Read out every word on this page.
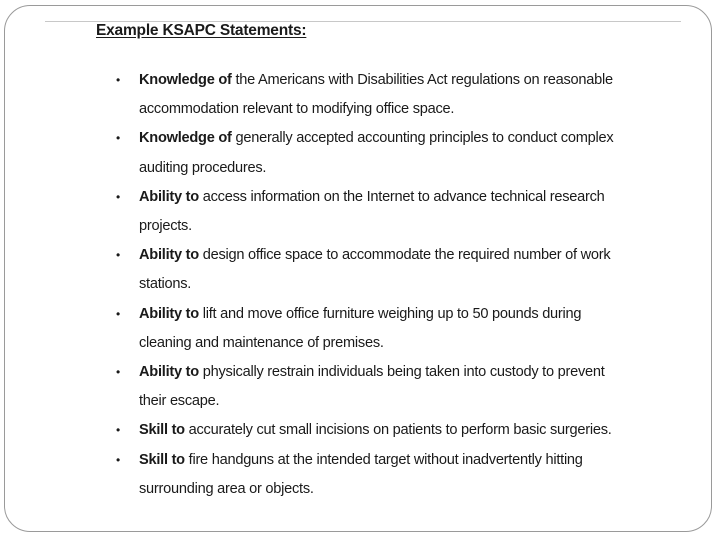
Example KSAPC Statements:
• Knowledge of the Americans with Disabilities Act regulations on reasonable
accommodation relevant to modifying office space.
• Knowledge of generally accepted accounting principles to conduct complex
auditing procedures.
• Ability to access information on the Internet to advance technical research
projects.
• Ability to design office space to accommodate the required number of work
stations.
• Ability to lift and move office furniture weighing up to 50 pounds during
cleaning and maintenance of premises.
• Ability to physically restrain individuals being taken into custody to prevent
their escape.
• Skill to accurately cut small incisions on patients to perform basic surgeries.
• Skill to fire handguns at the intended target without inadvertently hitting
surrounding area or objects.
